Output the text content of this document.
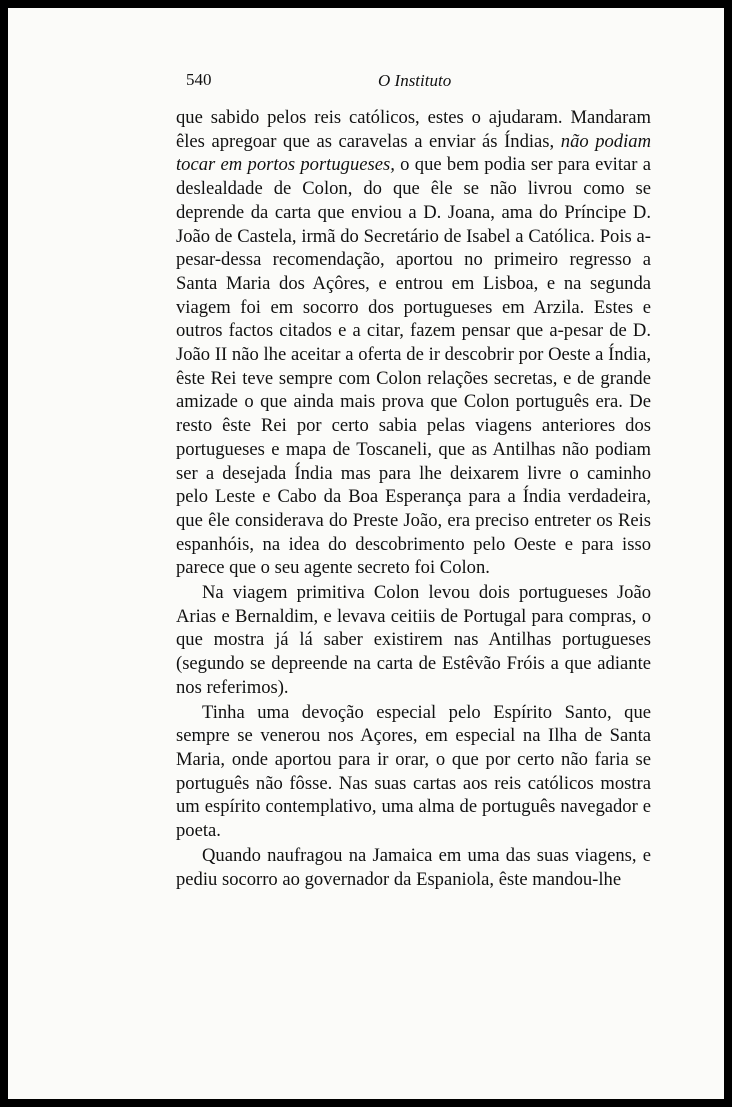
540	O Instituto

que sabido pelos reis católicos, estes o ajudaram. Mandaram êles apregoar que as caravelas a enviar ás Índias, não podiam tocar em portos portugueses, o que bem podia ser para evitar a deslealdade de Colon, do que êle se não livrou como se deprende da carta que enviou a D. Joana, ama do Príncipe D. João de Castela, irmã do Secretário de Isabel a Católica. Pois a-pesar-dessa recomendação, aportou no primeiro regresso a Santa Maria dos Açôres, e entrou em Lisboa, e na segunda viagem foi em socorro dos portugueses em Arzila. Estes e outros factos citados e a citar, fazem pensar que a-pesar de D. João II não lhe aceitar a oferta de ir descobrir por Oeste a Índia, êste Rei teve sempre com Colon relações secretas, e de grande amizade o que ainda mais prova que Colon português era. De resto êste Rei por certo sabia pelas viagens anteriores dos portugueses e mapa de Toscaneli, que as Antilhas não podiam ser a desejada Índia mas para lhe deixarem livre o caminho pelo Leste e Cabo da Boa Esperança para a Índia verdadeira, que êle considerava do Preste João, era preciso entreter os Reis espanhóis, na idea do descobrimento pelo Oeste e para isso parece que o seu agente secreto foi Colon.

Na viagem primitiva Colon levou dois portugueses João Arias e Bernaldim, e levava ceitiis de Portugal para compras, o que mostra já lá saber existirem nas Antilhas portugueses (segundo se depreende na carta de Estêvão Fróis a que adiante nos referimos).

Tinha uma devoção especial pelo Espírito Santo, que sempre se venerou nos Açores, em especial na Ilha de Santa Maria, onde aportou para ir orar, o que por certo não faria se português não fôsse. Nas suas cartas aos reis católicos mostra um espírito contemplativo, uma alma de português navegador e poeta.

Quando naufragou na Jamaica em uma das suas viagens, e pediu socorro ao governador da Espaniola, êste mandou-lhe
